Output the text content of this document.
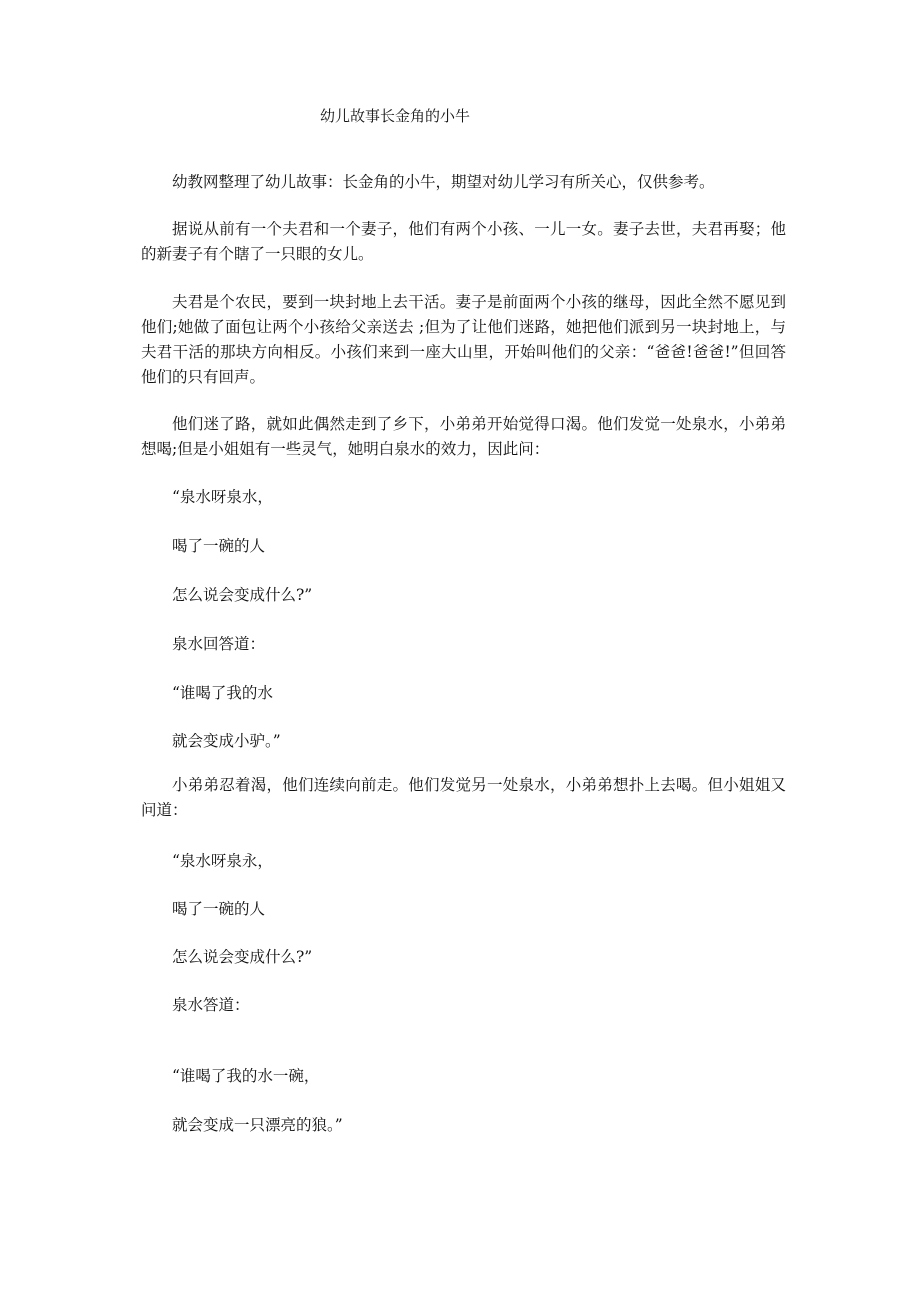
幼儿故事长金角的小牛

幼教网整理了幼儿故事：长金角的小牛，期望对幼儿学习有所关心，仅供参考。

据说从前有一个夫君和一个妻子，他们有两个小孩、一儿一女。妻子去世，夫君再娶；他的新妻子有个瞎了一只眼的女儿。

夫君是个农民，要到一块封地上去干活。妻子是前面两个小孩的继母，因此全然不愿见到他们;她做了面包让两个小孩给父亲送去 ;但为了让他们迷路，她把他们派到另一块封地上，与夫君干活的那块方向相反。小孩们来到一座大山里，开始叫他们的父亲：“爸爸!爸爸!”但回答他们的只有回声。

他们迷了路，就如此偶然走到了乡下，小弟弟开始觉得口渴。他们发觉一处泉水，小弟弟想喝;但是小姐姐有一些灵气，她明白泉水的效力，因此问：

“泉水呀泉水，

喝了一碗的人

怎么说会变成什么?”

泉水回答道：

“谁喝了我的水

就会变成小驴。”

小弟弟忍着渴，他们连续向前走。他们发觉另一处泉水，小弟弟想扑上去喝。但小姐姐又问道：

“泉水呀泉永，

喝了一碗的人

怎么说会变成什么?”

泉水答道：

“谁喝了我的水一碗，

就会变成一只漂亮的狼。”
